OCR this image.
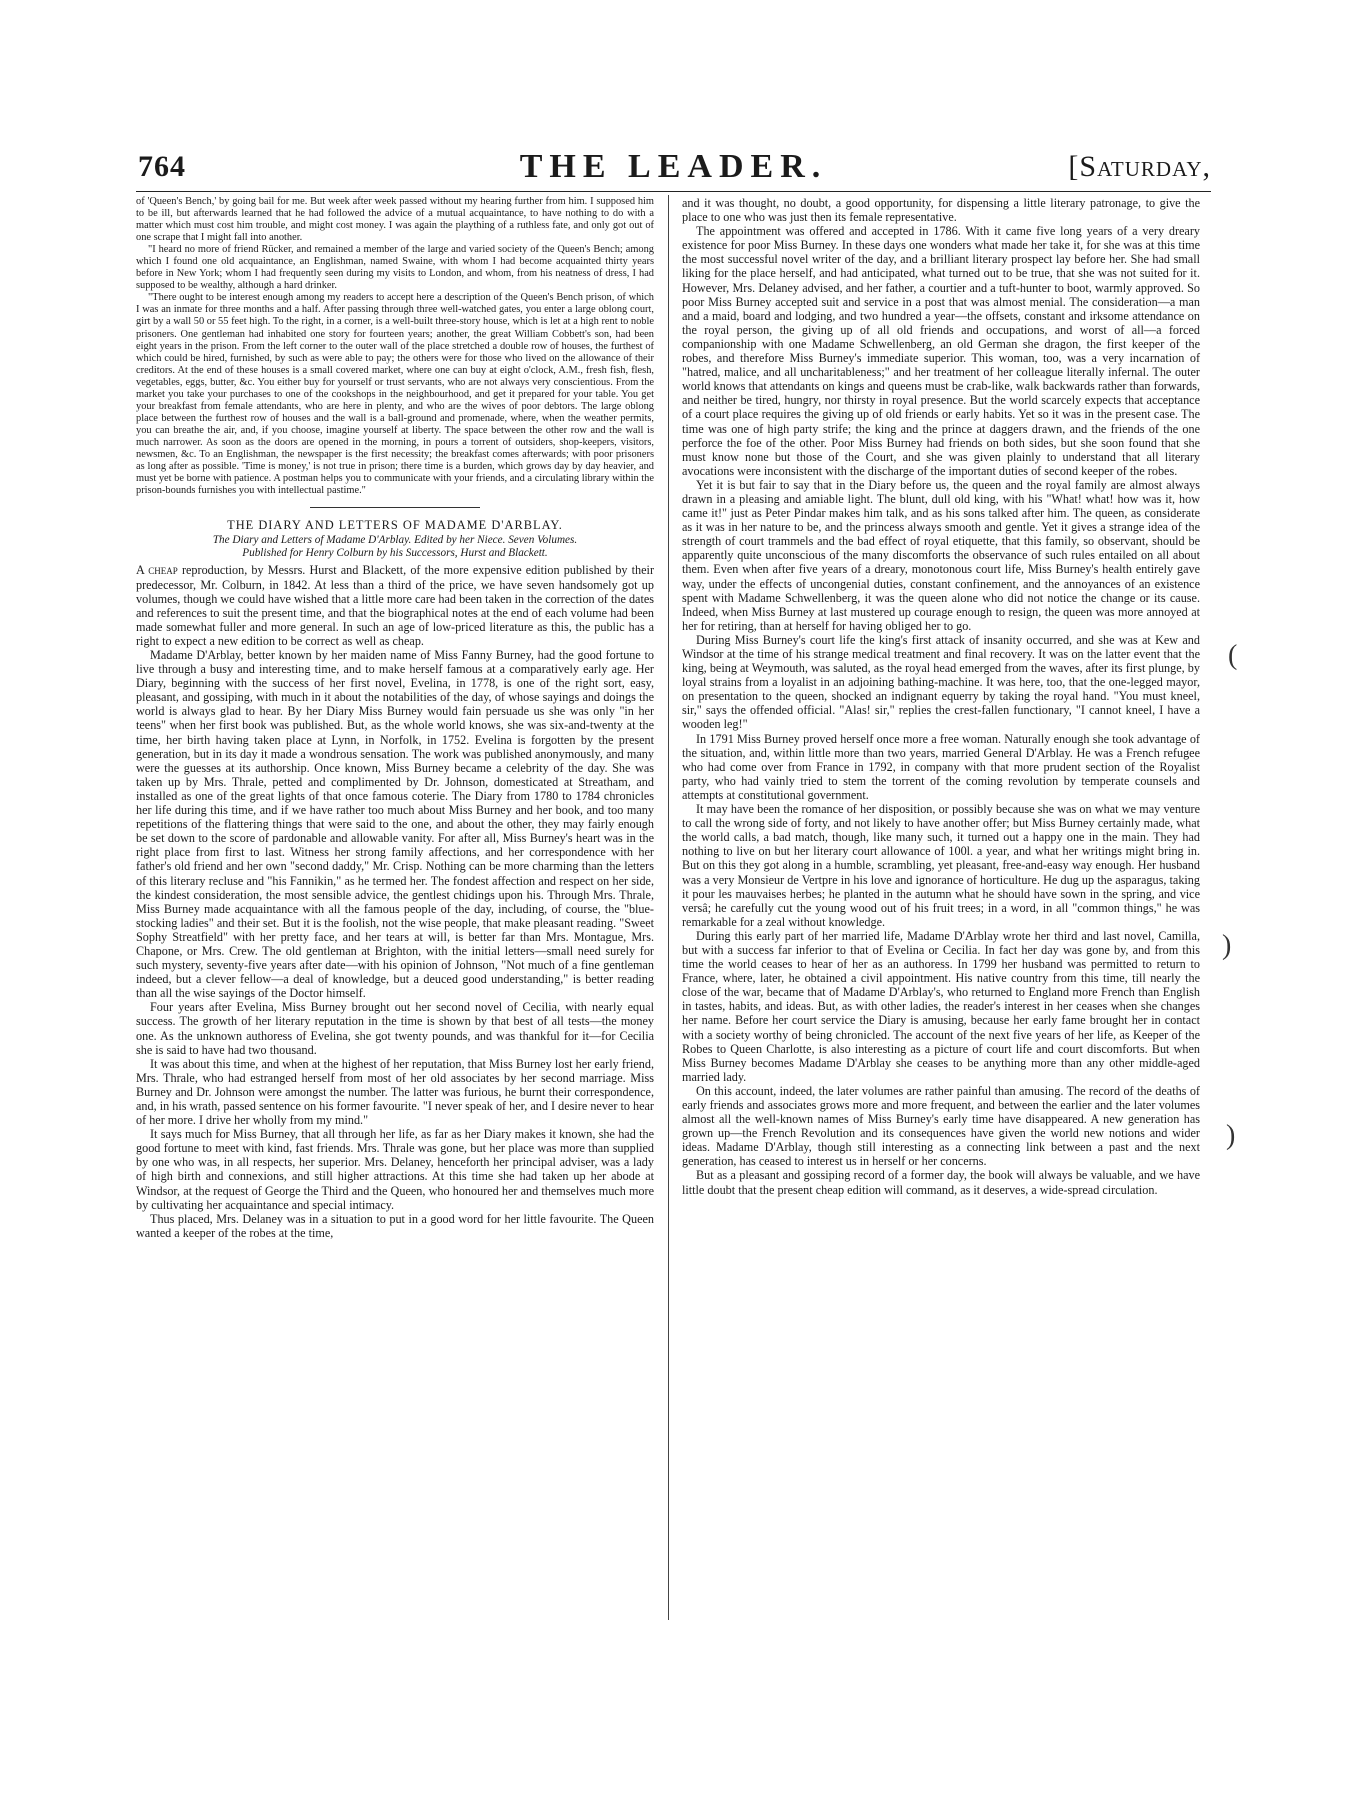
764	THE LEADER.	[Saturday,

of 'Queen's Bench,' by going bail for me. But week after week passed without my hearing further from him. I supposed him to be ill, but afterwards learned that he had followed the advice of a mutual acquaintance, to have nothing to do with a matter which must cost him trouble, and might cost money. I was again the plaything of a ruthless fate, and only got out of one scrape that I might fall into another.

"I heard no more of friend Rücker, and remained a member of the large and varied society of the Queen's Bench; among which I found one old acquaintance, an Englishman, named Swaine, with whom I had become acquainted thirty years before in New York; whom I had frequently seen during my visits to London, and whom, from his neatness of dress, I had supposed to be wealthy, although a hard drinker.

"There ought to be interest enough among my readers to accept here a description of the Queen's Bench prison, of which I was an inmate for three months and a half. After passing through three well-watched gates, you enter a large oblong court, girt by a wall 50 or 55 feet high. To the right, in a corner, is a well-built three-story house, which is let at a high rent to noble prisoners. One gentleman had inhabited one story for fourteen years; another, the great William Cobbett's son, had been eight years in the prison. From the left corner to the outer wall of the place stretched a double row of houses, the furthest of which could be hired, furnished, by such as were able to pay; the others were for those who lived on the allowance of their creditors. At the end of these houses is a small covered market, where one can buy at eight o'clock, A.M., fresh fish, flesh, vegetables, eggs, butter, &c. You either buy for yourself or trust servants, who are not always very conscientious. From the market you take your purchases to one of the cookshops in the neighbourhood, and get it prepared for your table. You get your breakfast from female attendants, who are here in plenty, and who are the wives of poor debtors. The large oblong place between the furthest row of houses and the wall is a ball-ground and promenade, where, when the weather permits, you can breathe the air, and, if you choose, imagine yourself at liberty. The space between the other row and the wall is much narrower. As soon as the doors are opened in the morning, in pours a torrent of outsiders, shop-keepers, visitors, newsmen, &c. To an Englishman, the newspaper is the first necessity; the breakfast comes afterwards; with poor prisoners as long after as possible. 'Time is money,' is not true in prison; there time is a burden, which grows day by day heavier, and must yet be borne with patience. A postman helps you to communicate with your friends, and a circulating library within the prison-bounds furnishes you with intellectual pastime."

THE DIARY AND LETTERS OF MADAME D'ARBLAY.
The Diary and Letters of Madame D'Arblay. Edited by her Niece. Seven Volumes.
Published for Henry Colburn by his Successors, Hurst and Blackett.

A cheap reproduction, by Messrs. Hurst and Blackett, of the more expensive edition published by their predecessor, Mr. Colburn, in 1842. At less than a third of the price, we have seven handsomely got up volumes, though we could have wished that a little more care had been taken in the correction of the dates and references to suit the present time, and that the biographical notes at the end of each volume had been made somewhat fuller and more general. In such an age of low-priced literature as this, the public has a right to expect a new edition to be correct as well as cheap.

Madame D'Arblay, better known by her maiden name of Miss Fanny Burney, had the good fortune to live through a busy and interesting time, and to make herself famous at a comparatively early age. Her Diary, beginning with the success of her first novel, Evelina, in 1778, is one of the right sort, easy, pleasant, and gossiping, with much in it about the notabilities of the day, of whose sayings and doings the world is always glad to hear. By her Diary Miss Burney would fain persuade us she was only "in her teens" when her first book was published. But, as the whole world knows, she was six-and-twenty at the time, her birth having taken place at Lynn, in Norfolk, in 1752. Evelina is forgotten by the present generation, but in its day it made a wondrous sensation. The work was published anonymously, and many were the guesses at its authorship. Once known, Miss Burney became a celebrity of the day. She was taken up by Mrs. Thrale, petted and complimented by Dr. Johnson, domesticated at Streatham, and installed as one of the great lights of that once famous coterie. The Diary from 1780 to 1784 chronicles her life during this time, and if we have rather too much about Miss Burney and her book, and too many repetitions of the flattering things that were said to the one, and about the other, they may fairly enough be set down to the score of pardonable and allowable vanity. For after all, Miss Burney's heart was in the right place from first to last. Witness her strong family affections, and her correspondence with her father's old friend and her own "second daddy," Mr. Crisp. Nothing can be more charming than the letters of this literary recluse and "his Fannikin," as he termed her. The fondest affection and respect on her side, the kindest consideration, the most sensible advice, the gentlest chidings upon his. Through Mrs. Thrale, Miss Burney made acquaintance with all the famous people of the day, including, of course, the "blue-stocking ladies" and their set. But it is the foolish, not the wise people, that make pleasant reading. "Sweet Sophy Streatfield" with her pretty face, and her tears at will, is better far than Mrs. Montague, Mrs. Chapone, or Mrs. Crew. The old gentleman at Brighton, with the initial letters—small need surely for such mystery, seventy-five years after date—with his opinion of Johnson, "Not much of a fine gentleman indeed, but a clever fellow—a deal of knowledge, but a deuced good understanding," is better reading than all the wise sayings of the Doctor himself.

Four years after Evelina, Miss Burney brought out her second novel of Cecilia, with nearly equal success. The growth of her literary reputation in the time is shown by that best of all tests—the money one. As the unknown authoress of Evelina, she got twenty pounds, and was thankful for it—for Cecilia she is said to have had two thousand.

It was about this time, and when at the highest of her reputation, that Miss Burney lost her early friend, Mrs. Thrale, who had estranged herself from most of her old associates by her second marriage. Miss Burney and Dr. Johnson were amongst the number. The latter was furious, he burnt their correspondence, and, in his wrath, passed sentence on his former favourite. "I never speak of her, and I desire never to hear of her more. I drive her wholly from my mind."

It says much for Miss Burney, that all through her life, as far as her Diary makes it known, she had the good fortune to meet with kind, fast friends. Mrs. Thrale was gone, but her place was more than supplied by one who was, in all respects, her superior. Mrs. Delaney, henceforth her principal adviser, was a lady of high birth and connexions, and still higher attractions. At this time she had taken up her abode at Windsor, at the request of George the Third and the Queen, who honoured her and themselves much more by cultivating her acquaintance and special intimacy.

Thus placed, Mrs. Delaney was in a situation to put in a good word for her little favourite. The Queen wanted a keeper of the robes at the time,

and it was thought, no doubt, a good opportunity, for dispensing a little literary patronage, to give the place to one who was just then its female representative.

The appointment was offered and accepted in 1786. With it came five long years of a very dreary existence for poor Miss Burney. In these days one wonders what made her take it, for she was at this time the most successful novel writer of the day, and a brilliant literary prospect lay before her. She had small liking for the place herself, and had anticipated, what turned out to be true, that she was not suited for it. However, Mrs. Delaney advised, and her father, a courtier and a tuft-hunter to boot, warmly approved. So poor Miss Burney accepted suit and service in a post that was almost menial. The consideration—a man and a maid, board and lodging, and two hundred a year—the offsets, constant and irksome attendance on the royal person, the giving up of all old friends and occupations, and worst of all—a forced companionship with one Madame Schwellenberg, an old German she dragon, the first keeper of the robes, and therefore Miss Burney's immediate superior. This woman, too, was a very incarnation of "hatred, malice, and all uncharitableness;" and her treatment of her colleague literally infernal. The outer world knows that attendants on kings and queens must be crab-like, walk backwards rather than forwards, and neither be tired, hungry, nor thirsty in royal presence. But the world scarcely expects that acceptance of a court place requires the giving up of old friends or early habits. Yet so it was in the present case. The time was one of high party strife; the king and the prince at daggers drawn, and the friends of the one perforce the foe of the other. Poor Miss Burney had friends on both sides, but she soon found that she must know none but those of the Court, and she was given plainly to understand that all literary avocations were inconsistent with the discharge of the important duties of second keeper of the robes.

Yet it is but fair to say that in the Diary before us, the queen and the royal family are almost always drawn in a pleasing and amiable light. The blunt, dull old king, with his "What! what! how was it, how came it!" just as Peter Pindar makes him talk, and as his sons talked after him. The queen, as considerate as it was in her nature to be, and the princess always smooth and gentle. Yet it gives a strange idea of the strength of court trammels and the bad effect of royal etiquette, that this family, so observant, should be apparently quite unconscious of the many discomforts the observance of such rules entailed on all about them. Even when after five years of a dreary, monotonous court life, Miss Burney's health entirely gave way, under the effects of uncongenial duties, constant confinement, and the annoyances of an existence spent with Madame Schwellenberg, it was the queen alone who did not notice the change or its cause. Indeed, when Miss Burney at last mustered up courage enough to resign, the queen was more annoyed at her for retiring, than at herself for having obliged her to go.

During Miss Burney's court life the king's first attack of insanity occurred, and she was at Kew and Windsor at the time of his strange medical treatment and final recovery. It was on the latter event that the king, being at Weymouth, was saluted, as the royal head emerged from the waves, after its first plunge, by loyal strains from a loyalist in an adjoining bathing-machine. It was here, too, that the one-legged mayor, on presentation to the queen, shocked an indignant equerry by taking the royal hand. "You must kneel, sir," says the offended official. "Alas! sir," replies the crest-fallen functionary, "I cannot kneel, I have a wooden leg!"

In 1791 Miss Burney proved herself once more a free woman. Naturally enough she took advantage of the situation, and, within little more than two years, married General D'Arblay. He was a French refugee who had come over from France in 1792, in company with that more prudent section of the Royalist party, who had vainly tried to stem the torrent of the coming revolution by temperate counsels and attempts at constitutional government.

It may have been the romance of her disposition, or possibly because she was on what we may venture to call the wrong side of forty, and not likely to have another offer; but Miss Burney certainly made, what the world calls, a bad match, though, like many such, it turned out a happy one in the main. They had nothing to live on but her literary court allowance of 100l. a year, and what her writings might bring in. But on this they got along in a humble, scrambling, yet pleasant, free-and-easy way enough. Her husband was a very Monsieur de Vertpre in his love and ignorance of horticulture. He dug up the asparagus, taking it pour les mauvaises herbes; he planted in the autumn what he should have sown in the spring, and vice versâ; he carefully cut the young wood out of his fruit trees; in a word, in all "common things," he was remarkable for a zeal without knowledge.

During this early part of her married life, Madame D'Arblay wrote her third and last novel, Camilla, but with a success far inferior to that of Evelina or Cecilia. In fact her day was gone by, and from this time the world ceases to hear of her as an authoress. In 1799 her husband was permitted to return to France, where, later, he obtained a civil appointment. His native country from this time, till nearly the close of the war, became that of Madame D'Arblay's, who returned to England more French than English in tastes, habits, and ideas. But, as with other ladies, the reader's interest in her ceases when she changes her name. Before her court service the Diary is amusing, because her early fame brought her in contact with a society worthy of being chronicled. The account of the next five years of her life, as Keeper of the Robes to Queen Charlotte, is also interesting as a picture of court life and court discomforts. But when Miss Burney becomes Madame D'Arblay she ceases to be anything more than any other middle-aged married lady.

On this account, indeed, the later volumes are rather painful than amusing. The record of the deaths of early friends and associates grows more and more frequent, and between the earlier and the later volumes almost all the well-known names of Miss Burney's early time have disappeared. A new generation has grown up—the French Revolution and its consequences have given the world new notions and wider ideas. Madame D'Arblay, though still interesting as a connecting link between a past and the next generation, has ceased to interest us in herself or her concerns.

But as a pleasant and gossiping record of a former day, the book will always be valuable, and we have little doubt that the present cheap edition will command, as it deserves, a wide-spread circulation.

(
)
)
